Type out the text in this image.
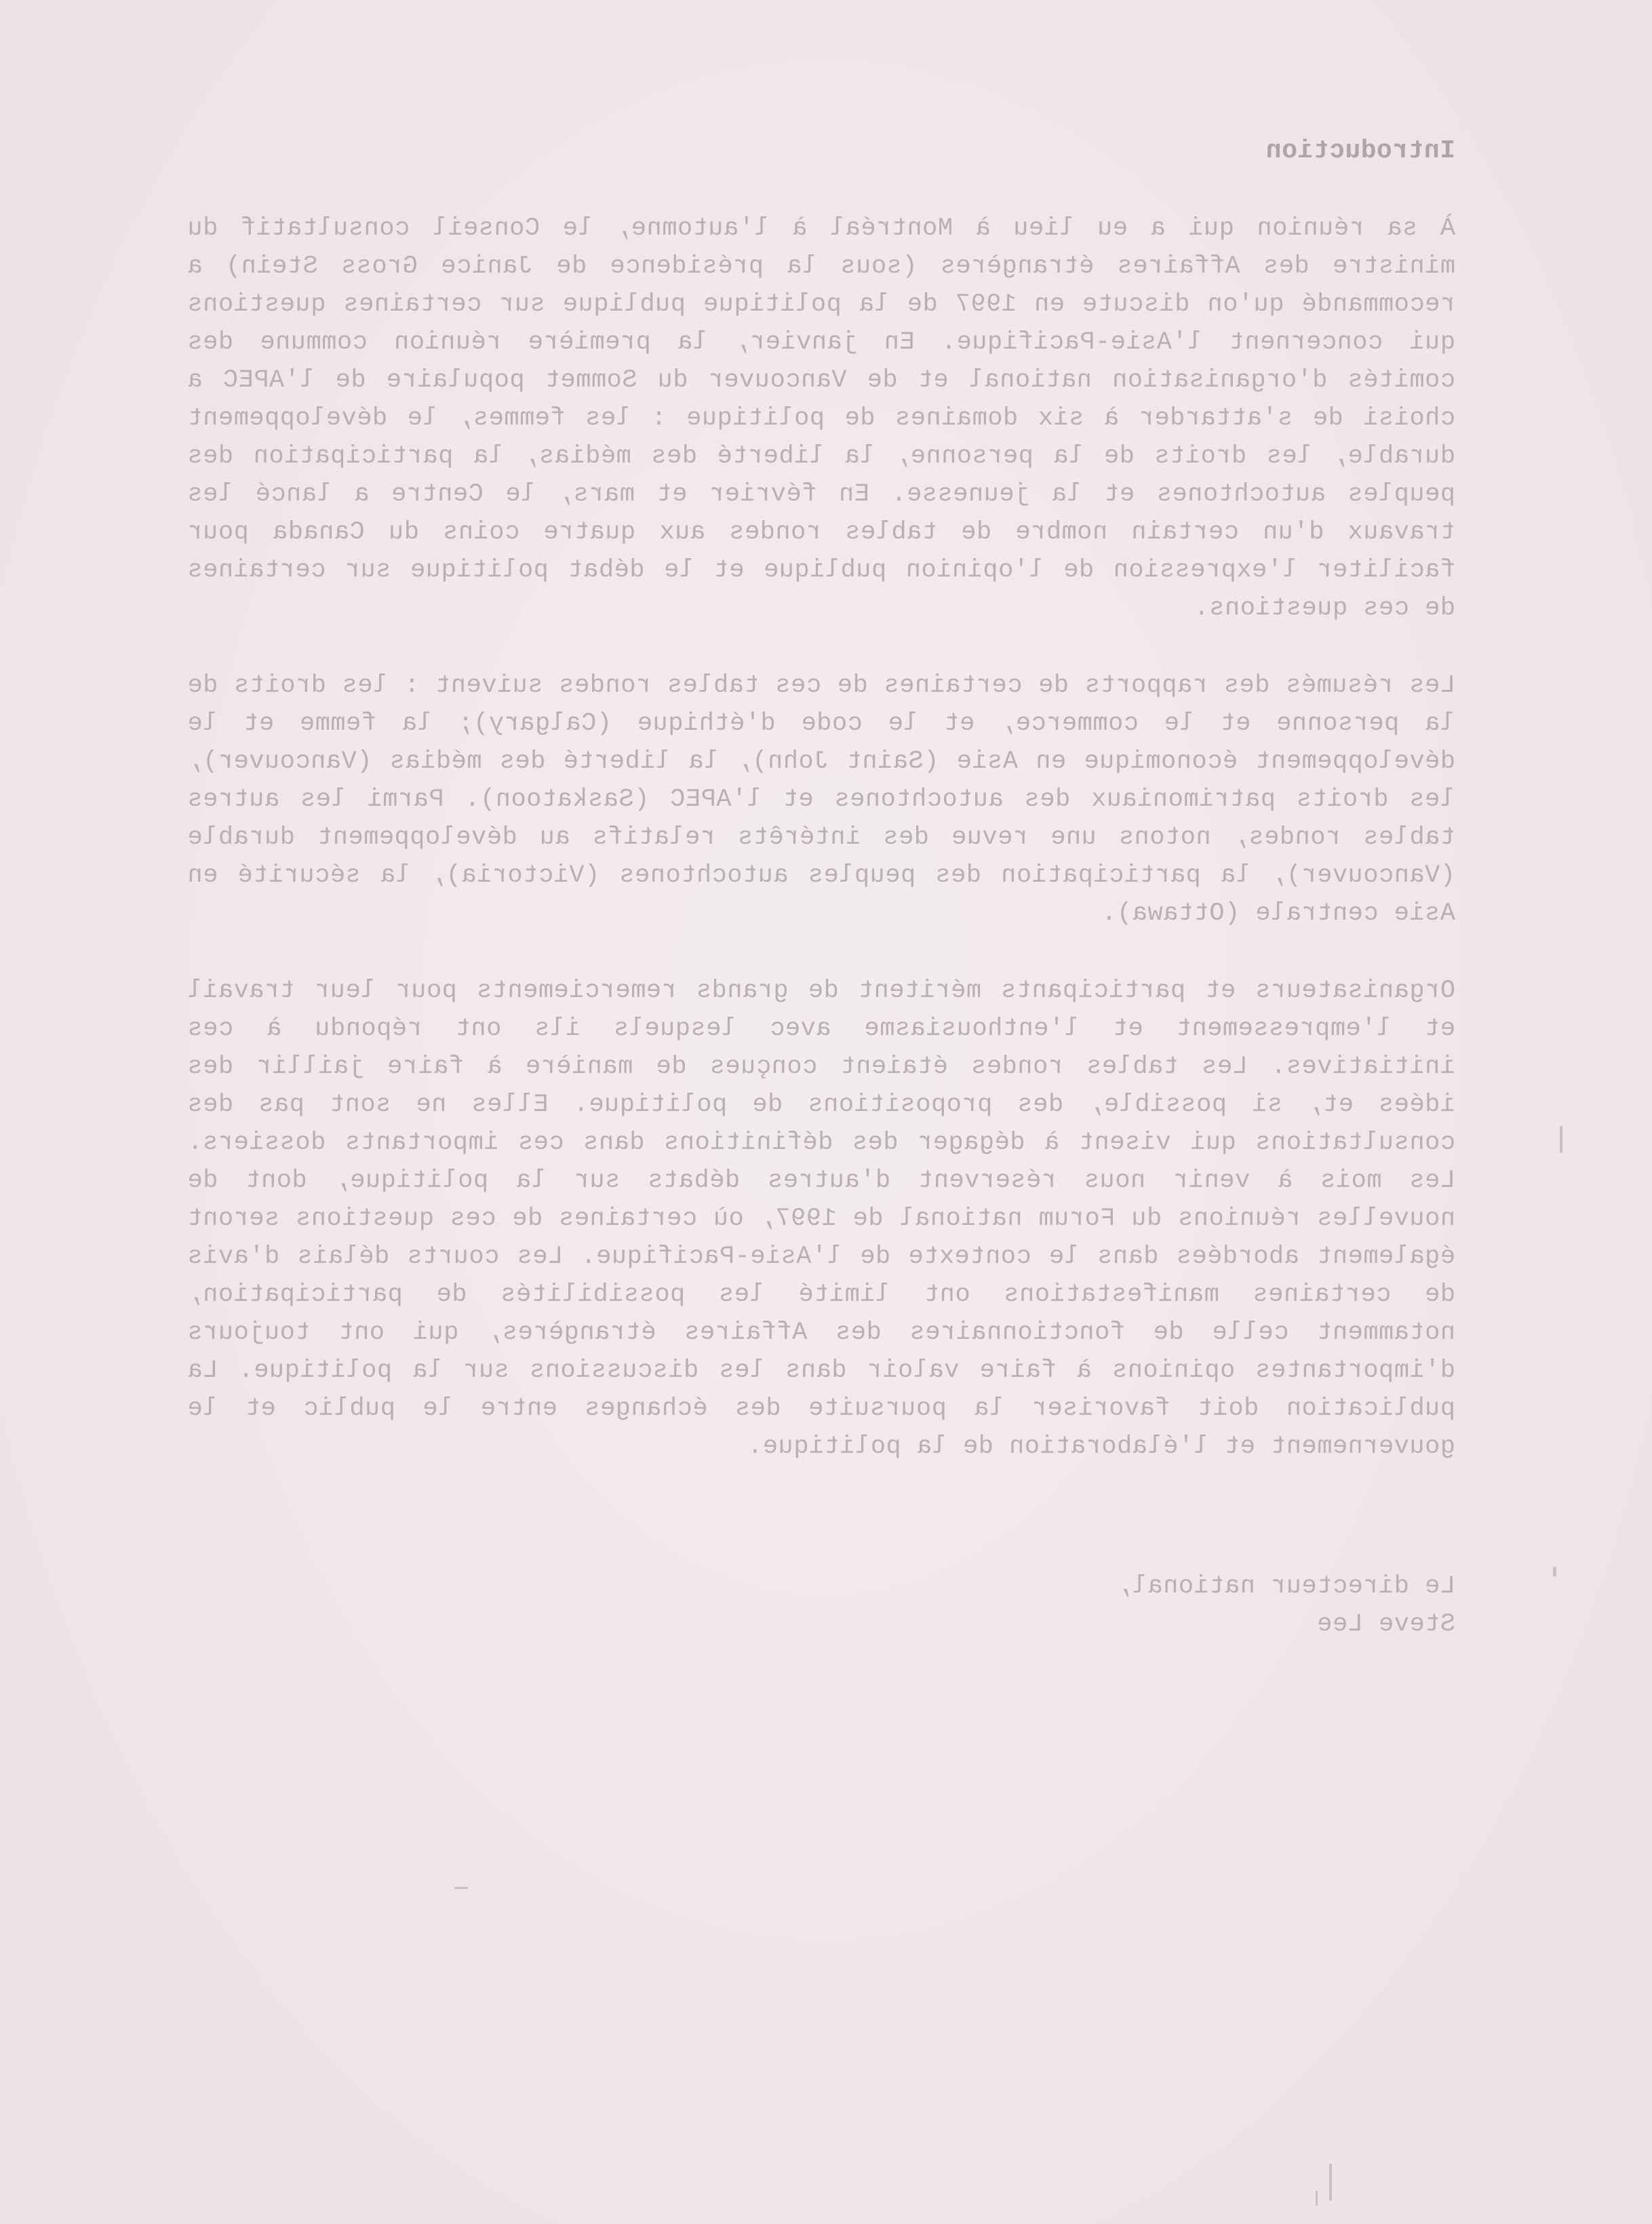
Introduction
À sa réunion qui a eu lieu à Montréal à l'automne, le Conseil consultatif du ministre des Affaires étrangères (sous la présidence de Janice Gross Stein) a recommandé qu'on discute en 1997 de la politique publique sur certaines questions qui concernent l'Asie-Pacifique. En janvier, la première réunion commune des comités d'organisation national et de Vancouver du Sommet populaire de l'APEC a choisi de s'attarder à six domaines de politique : les femmes, le développement durable, les droits de la personne, la liberté des médias, la participation des peuples autochtones et la jeunesse. En février et mars, le Centre a lancé les travaux d'un certain nombre de tables rondes aux quatre coins du Canada pour faciliter l'expression de l'opinion publique et le débat politique sur certaines de ces questions.
Les résumés des rapports de certaines de ces tables rondes suivent : les droits de la personne et le commerce, et le code d'éthique (Calgary); la femme et le développement économique en Asie (Saint John), la liberté des médias (Vancouver), les droits patrimoniaux des autochtones et l'APEC (Saskatoon). Parmi les autres tables rondes, notons une revue des intérêts relatifs au développement durable (Vancouver), la participation des peuples autochtones (Victoria), la sécurité en Asie centrale (Ottawa).
Organisateurs et participants méritent de grands remerciements pour leur travail et l'empressement et l'enthousiasme avec lesquels ils ont répondu à ces initiatives. Les tables rondes étaient conçues de manière à faire jaillir des idées et, si possible, des propositions de politique. Elles ne sont pas des consultations qui visent à dégager des définitions dans ces importants dossiers. Les mois à venir nous réservent d'autres débats sur la politique, dont de nouvelles réunions du Forum national de 1997, où certaines de ces questions seront également abordées dans le contexte de l'Asie-Pacifique. Les courts délais d'avis de certaines manifestations ont limité les possibilités de participation, notamment celle de fonctionnaires des Affaires étrangères, qui ont toujours d'importantes opinions à faire valoir dans les discussions sur la politique. La publication doit favoriser la poursuite des échanges entre le public et le gouvernement et l'élaboration de la politique.
Le directeur national,
Steve Lee
